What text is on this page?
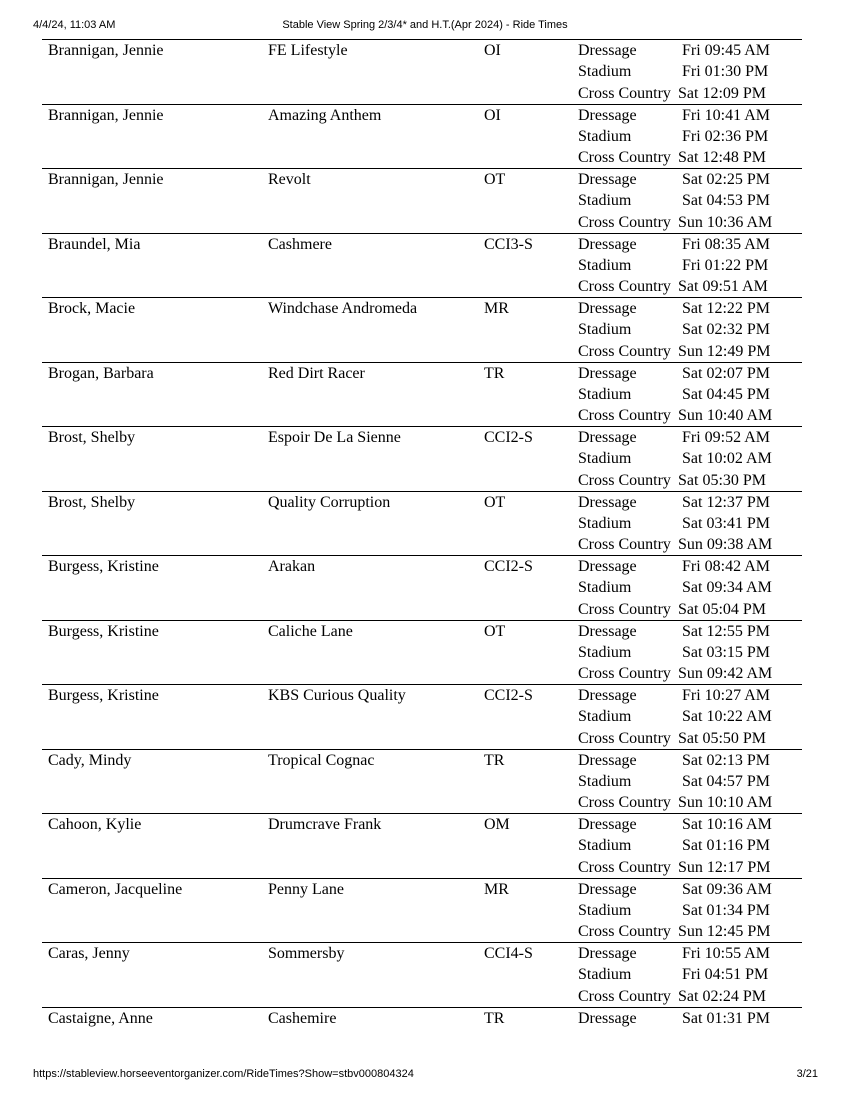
4/4/24, 11:03 AM	Stable View Spring 2/3/4* and H.T.(Apr 2024) - Ride Times
Brannigan, Jennie	FE Lifestyle	OI	Dressage	Fri 09:45 AM
Stadium	Fri 01:30 PM
Cross Country Sat 12:09 PM
Brannigan, Jennie	Amazing Anthem	OI	Dressage	Fri 10:41 AM
Stadium	Fri 02:36 PM
Cross Country Sat 12:48 PM
Brannigan, Jennie	Revolt	OT	Dressage	Sat 02:25 PM
Stadium	Sat 04:53 PM
Cross Country Sun 10:36 AM
Braundel, Mia	Cashmere	CCI3-S	Dressage	Fri 08:35 AM
Stadium	Fri 01:22 PM
Cross Country Sat 09:51 AM
Brock, Macie	Windchase Andromeda	MR	Dressage	Sat 12:22 PM
Stadium	Sat 02:32 PM
Cross Country Sun 12:49 PM
Brogan, Barbara	Red Dirt Racer	TR	Dressage	Sat 02:07 PM
Stadium	Sat 04:45 PM
Cross Country Sun 10:40 AM
Brost, Shelby	Espoir De La Sienne	CCI2-S	Dressage	Fri 09:52 AM
Stadium	Sat 10:02 AM
Cross Country Sat 05:30 PM
Brost, Shelby	Quality Corruption	OT	Dressage	Sat 12:37 PM
Stadium	Sat 03:41 PM
Cross Country Sun 09:38 AM
Burgess, Kristine	Arakan	CCI2-S	Dressage	Fri 08:42 AM
Stadium	Sat 09:34 AM
Cross Country Sat 05:04 PM
Burgess, Kristine	Caliche Lane	OT	Dressage	Sat 12:55 PM
Stadium	Sat 03:15 PM
Cross Country Sun 09:42 AM
Burgess, Kristine	KBS Curious Quality	CCI2-S	Dressage	Fri 10:27 AM
Stadium	Sat 10:22 AM
Cross Country Sat 05:50 PM
Cady, Mindy	Tropical Cognac	TR	Dressage	Sat 02:13 PM
Stadium	Sat 04:57 PM
Cross Country Sun 10:10 AM
Cahoon, Kylie	Drumcrave Frank	OM	Dressage	Sat 10:16 AM
Stadium	Sat 01:16 PM
Cross Country Sun 12:17 PM
Cameron, Jacqueline	Penny Lane	MR	Dressage	Sat 09:36 AM
Stadium	Sat 01:34 PM
Cross Country Sun 12:45 PM
Caras, Jenny	Sommersby	CCI4-S	Dressage	Fri 10:55 AM
Stadium	Fri 04:51 PM
Cross Country Sat 02:24 PM
Castaigne, Anne	Cashemire	TR	Dressage	Sat 01:31 PM
https://stableview.horseeventorganizer.com/RideTimes?Show=stbv000804324	3/21
